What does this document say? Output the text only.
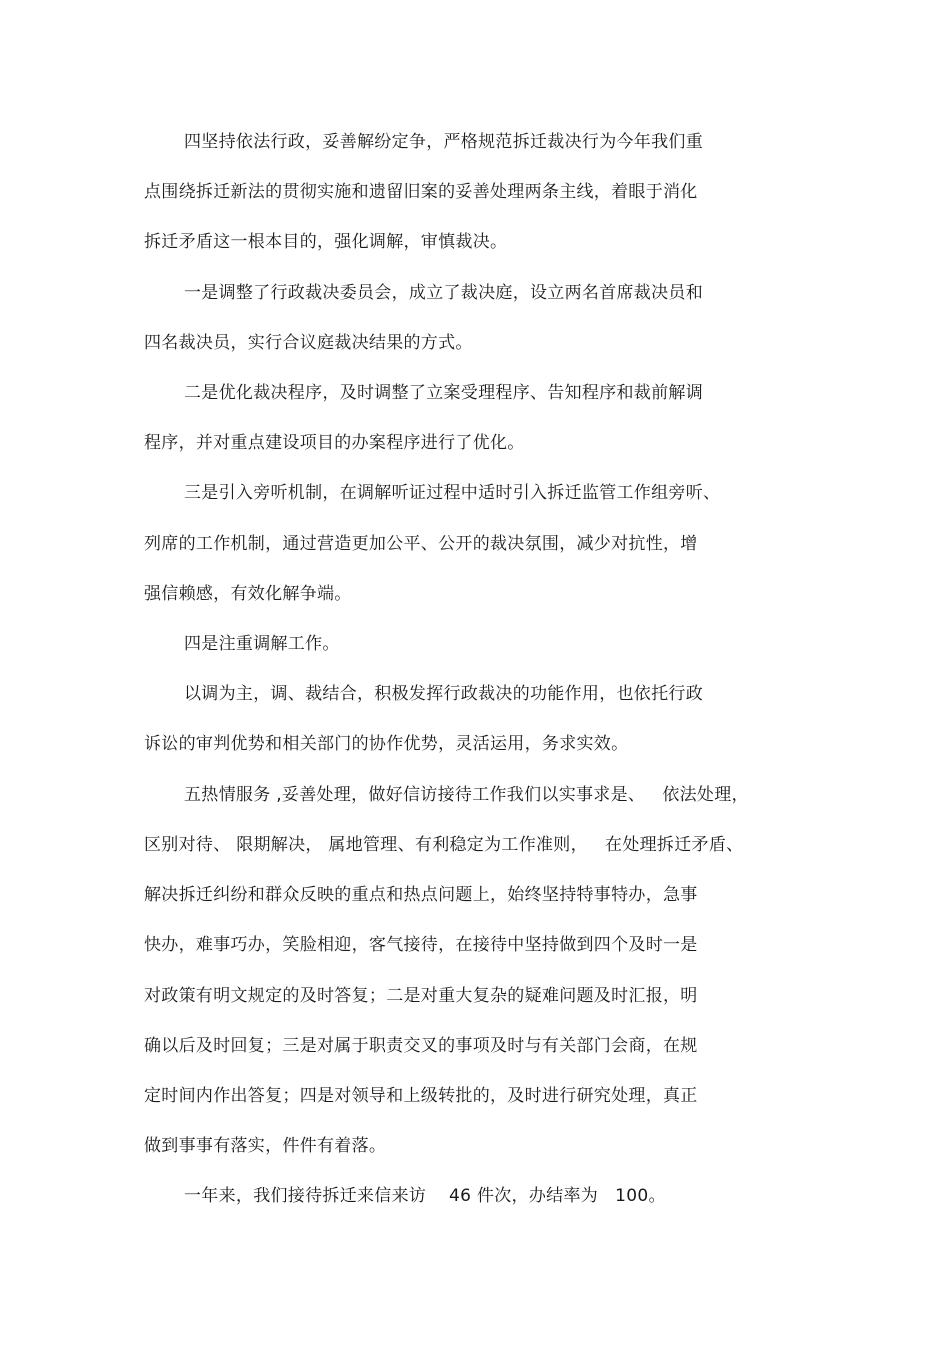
四坚持依法行政，妥善解纷定争，严格规范拆迁裁决行为今年我们重
点围绕拆迁新法的贯彻实施和遗留旧案的妥善处理两条主线，着眼于消化
拆迁矛盾这一根本目的，强化调解，审慎裁决。
一是调整了行政裁决委员会，成立了裁决庭，设立两名首席裁决员和
四名裁决员，实行合议庭裁决结果的方式。
二是优化裁决程序，及时调整了立案受理程序、告知程序和裁前解调
程序，并对重点建设项目的办案程序进行了优化。
三是引入旁听机制，在调解听证过程中适时引入拆迁监管工作组旁听、
列席的工作机制，通过营造更加公平、公开的裁决氛围，减少对抗性，增
强信赖感，有效化解争端。
四是注重调解工作。
以调为主，调、裁结合，积极发挥行政裁决的功能作用，也依托行政
诉讼的审判优势和相关部门的协作优势，灵活运用，务求实效。
五热情服务 ,妥善处理，做好信访接待工作我们以实事求是、   依法处理，
区别对待、 限期解决， 属地管理、有利稳定为工作准则，   在处理拆迁矛盾、
解决拆迁纠纷和群众反映的重点和热点问题上，始终坚持特事特办，急事
快办，难事巧办，笑脸相迎，客气接待，在接待中坚持做到四个及时一是
对政策有明文规定的及时答复；二是对重大复杂的疑难问题及时汇报，明
确以后及时回复；三是对属于职责交叉的事项及时与有关部门会商，在规
定时间内作出答复；四是对领导和上级转批的，及时进行研究处理，真正
做到事事有落实，件件有着落。
一年来，我们接待拆迁来信来访    46 件次，办结率为   100。
